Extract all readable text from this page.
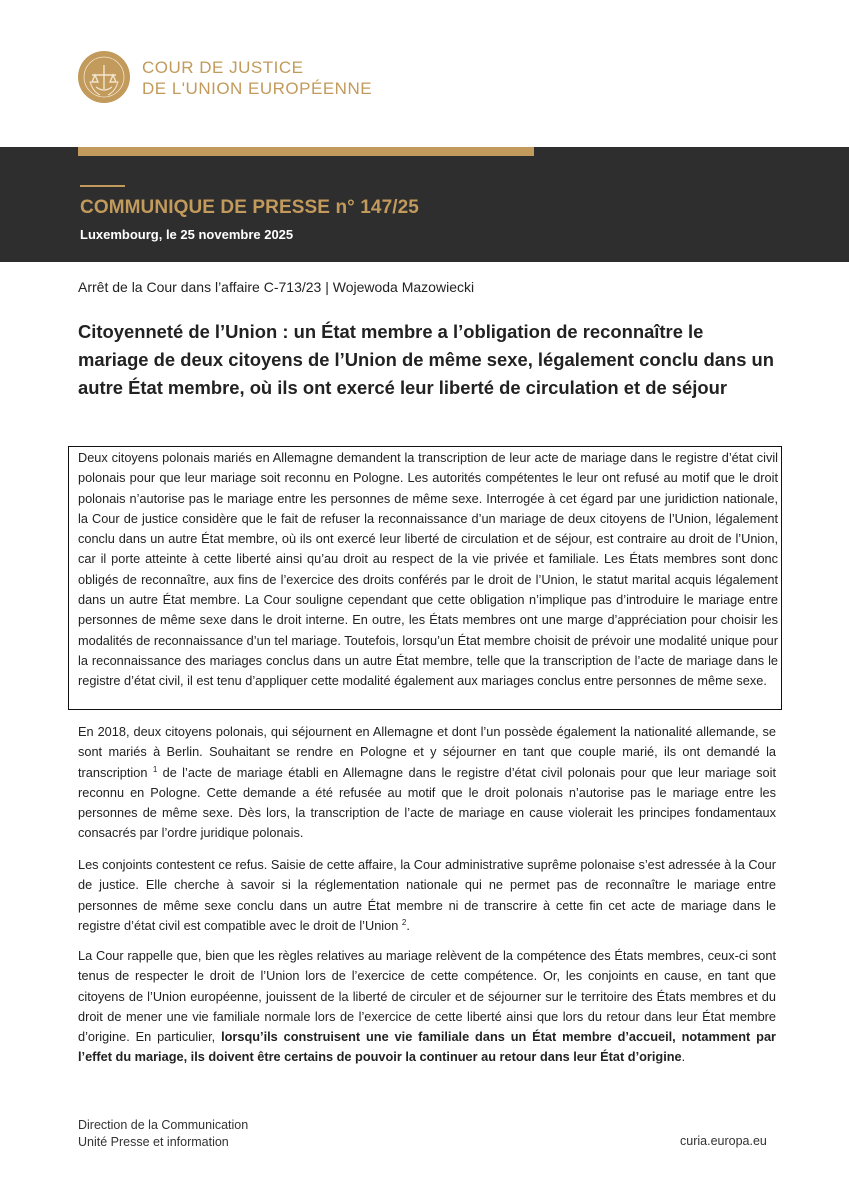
COUR DE JUSTICE
DE L'UNION EUROPÉENNE
COMMUNIQUE DE PRESSE n° 147/25
Luxembourg, le 25 novembre 2025
Arrêt de la Cour dans l’affaire C-713/23 | Wojewoda Mazowiecki
Citoyenneté de l’Union : un État membre a l’obligation de reconnaître le mariage de deux citoyens de l’Union de même sexe, légalement conclu dans un autre État membre, où ils ont exercé leur liberté de circulation et de séjour
Deux citoyens polonais mariés en Allemagne demandent la transcription de leur acte de mariage dans le registre d’état civil polonais pour que leur mariage soit reconnu en Pologne. Les autorités compétentes le leur ont refusé au motif que le droit polonais n’autorise pas le mariage entre les personnes de même sexe. Interrogée à cet égard par une juridiction nationale, la Cour de justice considère que le fait de refuser la reconnaissance d’un mariage de deux citoyens de l’Union, légalement conclu dans un autre État membre, où ils ont exercé leur liberté de circulation et de séjour, est contraire au droit de l’Union, car il porte atteinte à cette liberté ainsi qu’au droit au respect de la vie privée et familiale. Les États membres sont donc obligés de reconnaître, aux fins de l’exercice des droits conférés par le droit de l’Union, le statut marital acquis légalement dans un autre État membre. La Cour souligne cependant que cette obligation n’implique pas d’introduire le mariage entre personnes de même sexe dans le droit interne. En outre, les États membres ont une marge d’appréciation pour choisir les modalités de reconnaissance d’un tel mariage. Toutefois, lorsqu’un État membre choisit de prévoir une modalité unique pour la reconnaissance des mariages conclus dans un autre État membre, telle que la transcription de l’acte de mariage dans le registre d’état civil, il est tenu d’appliquer cette modalité également aux mariages conclus entre personnes de même sexe.
En 2018, deux citoyens polonais, qui séjournent en Allemagne et dont l’un possède également la nationalité allemande, se sont mariés à Berlin. Souhaitant se rendre en Pologne et y séjourner en tant que couple marié, ils ont demandé la transcription $^1$ de l’acte de mariage établi en Allemagne dans le registre d’état civil polonais pour que leur mariage soit reconnu en Pologne. Cette demande a été refusée au motif que le droit polonais n’autorise pas le mariage entre les personnes de même sexe. Dès lors, la transcription de l’acte de mariage en cause violerait les principes fondamentaux consacrés par l’ordre juridique polonais.
Les conjoints contestent ce refus. Saisie de cette affaire, la Cour administrative suprême polonaise s’est adressée à la Cour de justice. Elle cherche à savoir si la réglementation nationale qui ne permet pas de reconnaître le mariage entre personnes de même sexe conclu dans un autre État membre ni de transcrire à cette fin cet acte de mariage dans le registre d’état civil est compatible avec le droit de l’Union $^2$.
La Cour rappelle que, bien que les règles relatives au mariage relèvent de la compétence des États membres, ceux-ci sont tenus de respecter le droit de l’Union lors de l’exercice de cette compétence. Or, les conjoints en cause, en tant que citoyens de l’Union européenne, jouissent de la liberté de circuler et de séjourner sur le territoire des États membres et du droit de mener une vie familiale normale lors de l’exercice de cette liberté ainsi que lors du retour dans leur État membre d’origine. En particulier, lorsqu’ils construisent une vie familiale dans un État membre d’accueil, notamment par l’effet du mariage, ils doivent être certains de pouvoir la continuer au retour dans leur État d’origine.
Direction de la Communication
Unité Presse et information	curia.europa.eu
